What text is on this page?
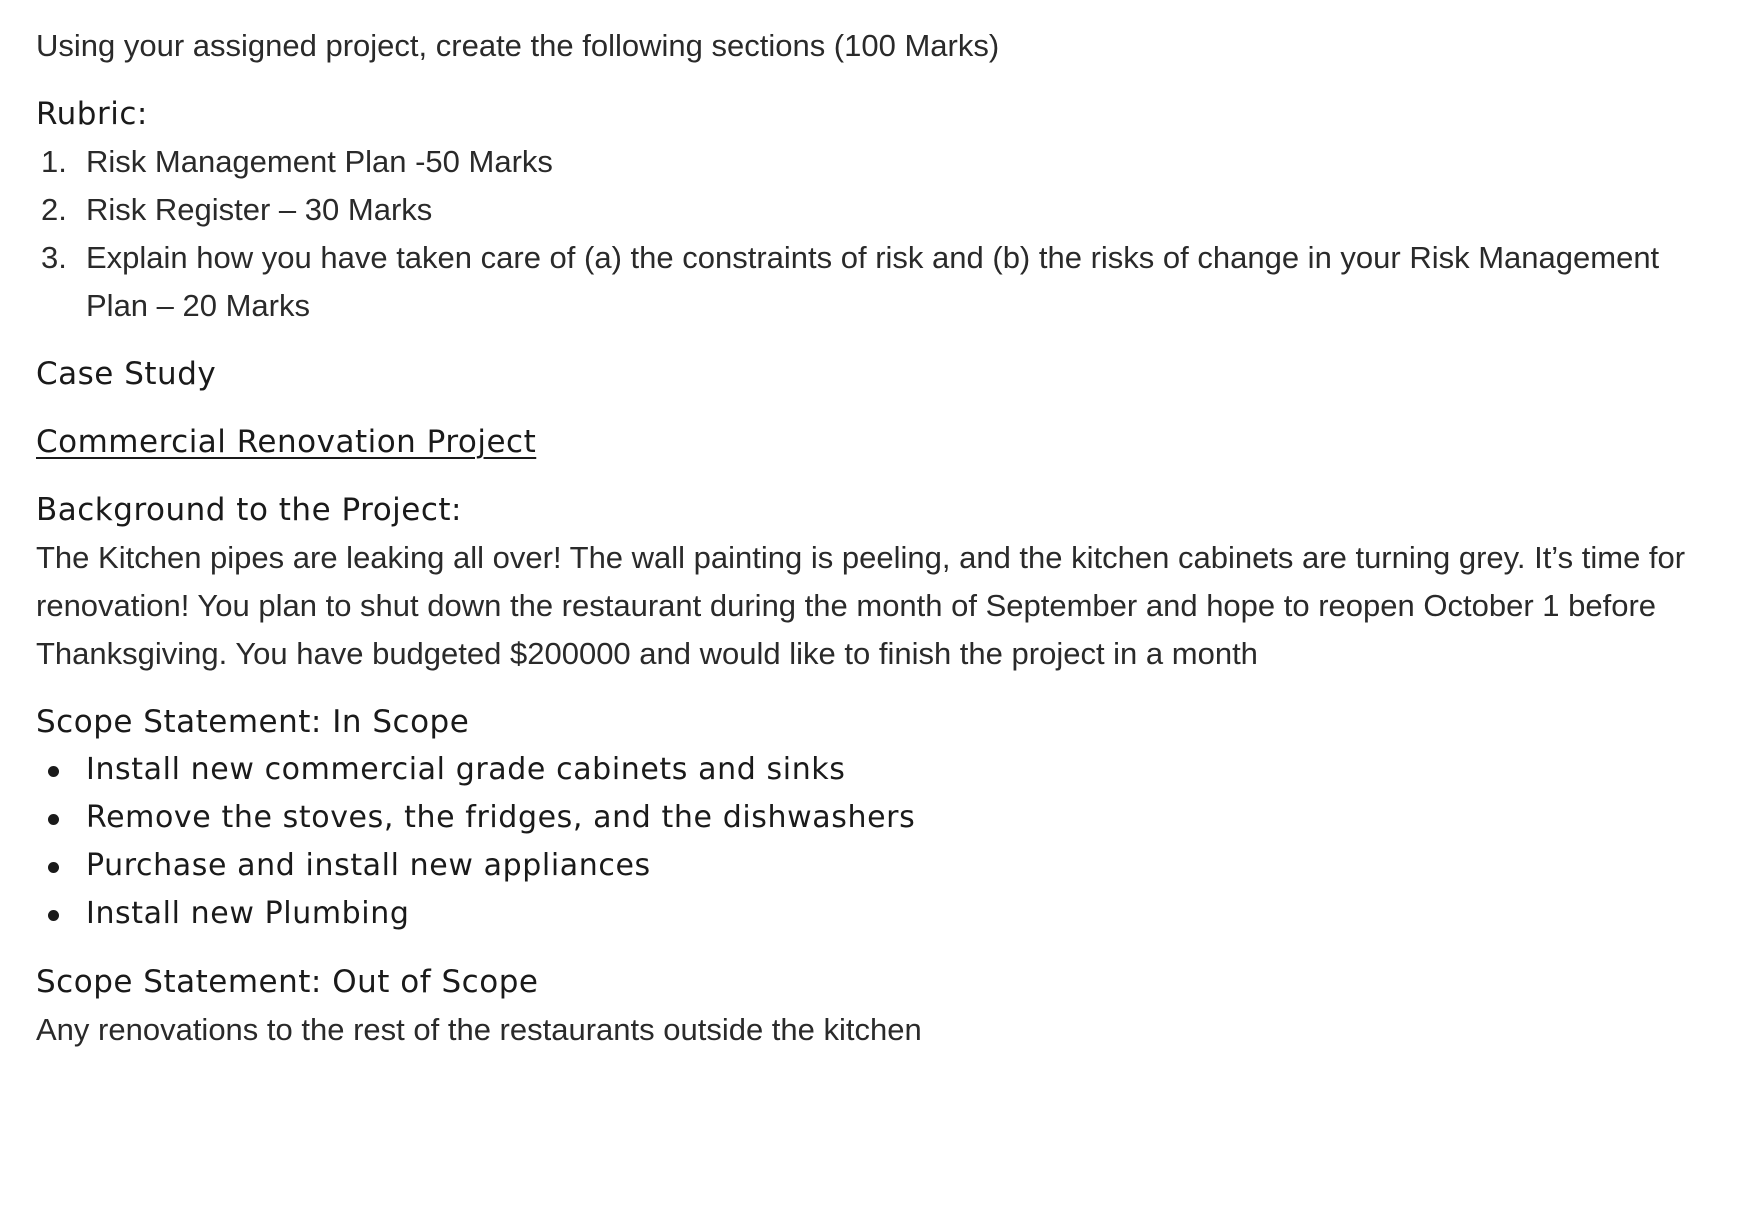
Using your assigned project, create the following sections (100 Marks)

Rubric:

1. Risk Management Plan -50 Marks
2. Risk Register – 30 Marks
3. Explain how you have taken care of (a) the constraints of risk and (b) the risks of change in your Risk Management Plan – 20 Marks

Case Study

Commercial Renovation Project

Background to the Project:

The Kitchen pipes are leaking all over! The wall painting is peeling, and the kitchen cabinets are turning grey. It’s time for renovation! You plan to shut down the restaurant during the month of September and hope to reopen October 1 before Thanksgiving. You have budgeted $200000 and would like to finish the project in a month

Scope Statement: In Scope

Install new commercial grade cabinets and sinks
Remove the stoves, the fridges, and the dishwashers
Purchase and install new appliances
Install new Plumbing

Scope Statement: Out of Scope

Any renovations to the rest of the restaurants outside the kitchen
